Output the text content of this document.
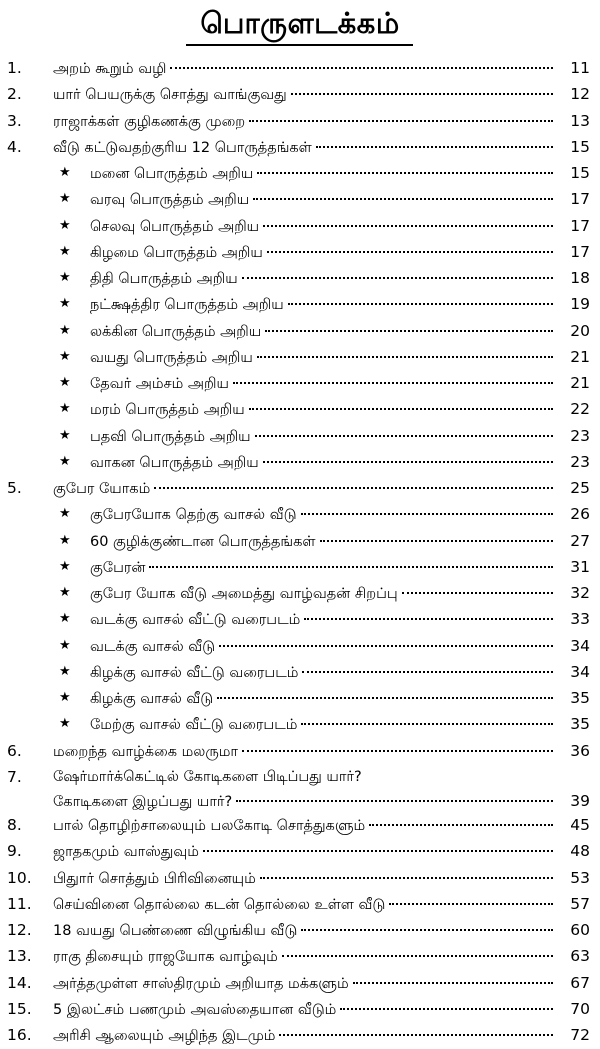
பொருளடக்கம்
1. அறம் கூறும் வழி	11
2. யார் பெயருக்கு சொத்து வாங்குவது	12
3. ராஜாக்கள் குழிகணக்கு முறை	13
4. வீடு கட்டுவதற்குரிய 12 பொருத்தங்கள்	15
★ மனை பொருத்தம் அறிய	15
★ வரவு பொருத்தம் அறிய	17
★ செலவு பொருத்தம் அறிய	17
★ கிழமை பொருத்தம் அறிய	17
★ திதி பொருத்தம் அறிய	18
★ நட்க்ஷத்திர பொருத்தம் அறிய	19
★ லக்கின பொருத்தம் அறிய	20
★ வயது பொருத்தம் அறிய	21
★ தேவர் அம்சம் அறிய	21
★ மரம் பொருத்தம் அறிய	22
★ பதவி பொருத்தம் அறிய	23
★ வாகன பொருத்தம் அறிய	23
5. குபேர யோகம்	25
★ குபேரயோக தெற்கு வாசல் வீடு	26
★ 60 குழிக்குண்டான பொருத்தங்கள்	27
★ குபேரன்	31
★ குபேர யோக வீடு அமைத்து வாழ்வதன் சிறப்பு	32
★ வடக்கு வாசல் வீட்டு வரைபடம்	33
★ வடக்கு வாசல் வீடு	34
★ கிழக்கு வாசல் வீட்டு வரைபடம்	34
★ கிழக்கு வாசல் வீடு	35
★ மேற்கு வாசல் வீட்டு வரைபடம்	35
6. மறைந்த வாழ்க்கை மலருமா	36
7. ஷேர்மார்க்கெட்டில் கோடிகளை பிடிப்பது யார்?
கோடிகளை இழப்பது யார்?	39
8. பால் தொழிற்சாலையும் பலகோடி சொத்துகளும்	45
9. ஜாதகமும் வாஸ்துவும்	48
10. பிதுார் சொத்தும் பிரிவினையும்	53
11. செய்வினை தொல்லை கடன் தொல்லை உள்ள வீடு	57
12. 18 வயது பெண்ணை விழுங்கிய வீடு	60
13. ராகு திசையும் ராஜயோக வாழ்வும்	63
14. அர்த்தமுள்ள சாஸ்திரமும் அறியாத மக்களும்	67
15. 5 இலட்சம் பணமும் அவஸ்தையான வீடும்	70
16. அரிசி ஆலையும் அழிந்த இடமும்	72
